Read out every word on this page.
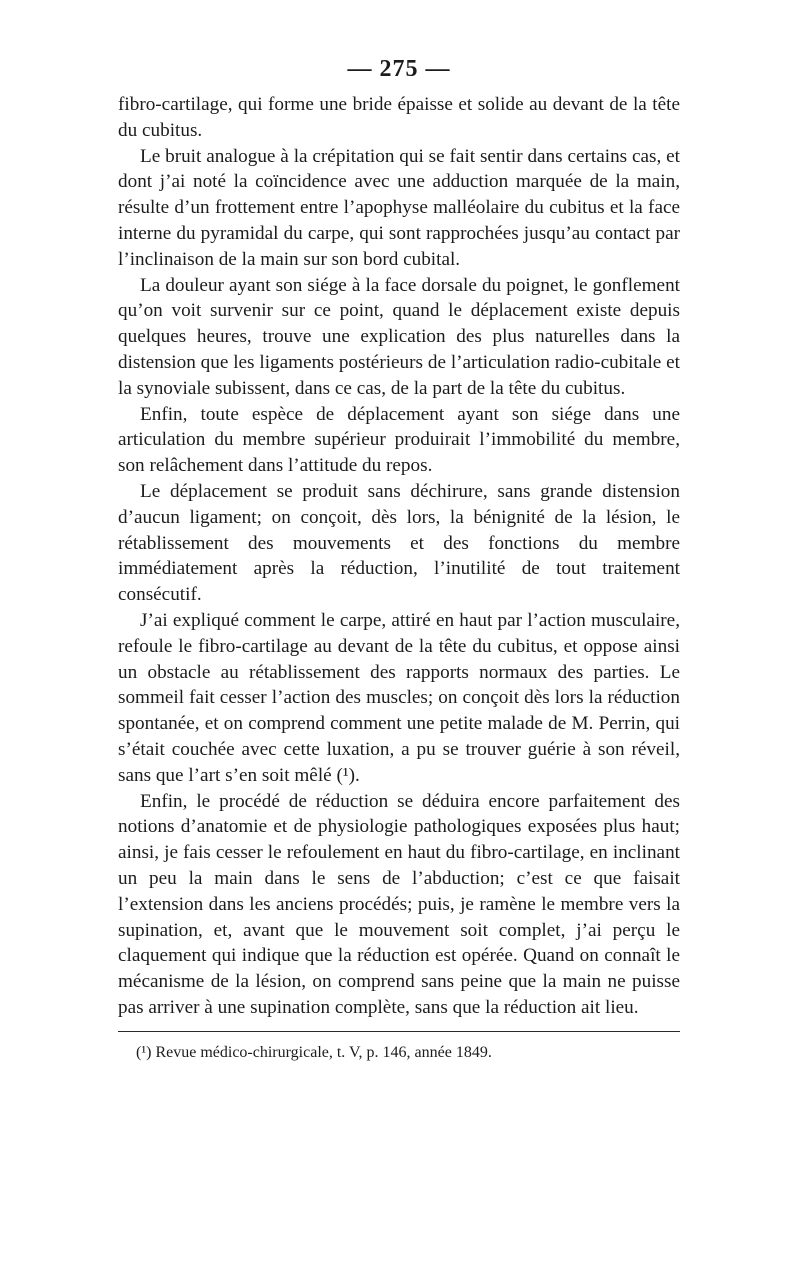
— 275 —

fibro-cartilage, qui forme une bride épaisse et solide au devant de la tête du cubitus.

Le bruit analogue à la crépitation qui se fait sentir dans certains cas, et dont j’ai noté la coïncidence avec une adduction marquée de la main, résulte d’un frottement entre l’apophyse malléolaire du cubitus et la face interne du pyramidal du carpe, qui sont rapprochées jusqu’au contact par l’inclinaison de la main sur son bord cubital.

La douleur ayant son siége à la face dorsale du poignet, le gonflement qu’on voit survenir sur ce point, quand le déplacement existe depuis quelques heures, trouve une explication des plus naturelles dans la distension que les ligaments postérieurs de l’articulation radio-cubitale et la synoviale subissent, dans ce cas, de la part de la tête du cubitus.

Enfin, toute espèce de déplacement ayant son siége dans une articulation du membre supérieur produirait l’immobilité du membre, son relâchement dans l’attitude du repos.

Le déplacement se produit sans déchirure, sans grande distension d’aucun ligament; on conçoit, dès lors, la bénignité de la lésion, le rétablissement des mouvements et des fonctions du membre immédiatement après la réduction, l’inutilité de tout traitement consécutif.

J’ai expliqué comment le carpe, attiré en haut par l’action musculaire, refoule le fibro-cartilage au devant de la tête du cubitus, et oppose ainsi un obstacle au rétablissement des rapports normaux des parties. Le sommeil fait cesser l’action des muscles; on conçoit dès lors la réduction spontanée, et on comprend comment une petite malade de M. Perrin, qui s’était couchée avec cette luxation, a pu se trouver guérie à son réveil, sans que l’art s’en soit mêlé (¹).

Enfin, le procédé de réduction se déduira encore parfaitement des notions d’anatomie et de physiologie pathologiques exposées plus haut; ainsi, je fais cesser le refoulement en haut du fibro-cartilage, en inclinant un peu la main dans le sens de l’abduction; c’est ce que faisait l’extension dans les anciens procédés; puis, je ramène le membre vers la supination, et, avant que le mouvement soit complet, j’ai perçu le claquement qui indique que la réduction est opérée. Quand on connaît le mécanisme de la lésion, on comprend sans peine que la main ne puisse pas arriver à une supination complète, sans que la réduction ait lieu.

(¹) Revue médico-chirurgicale, t. V, p. 146, année 1849.
